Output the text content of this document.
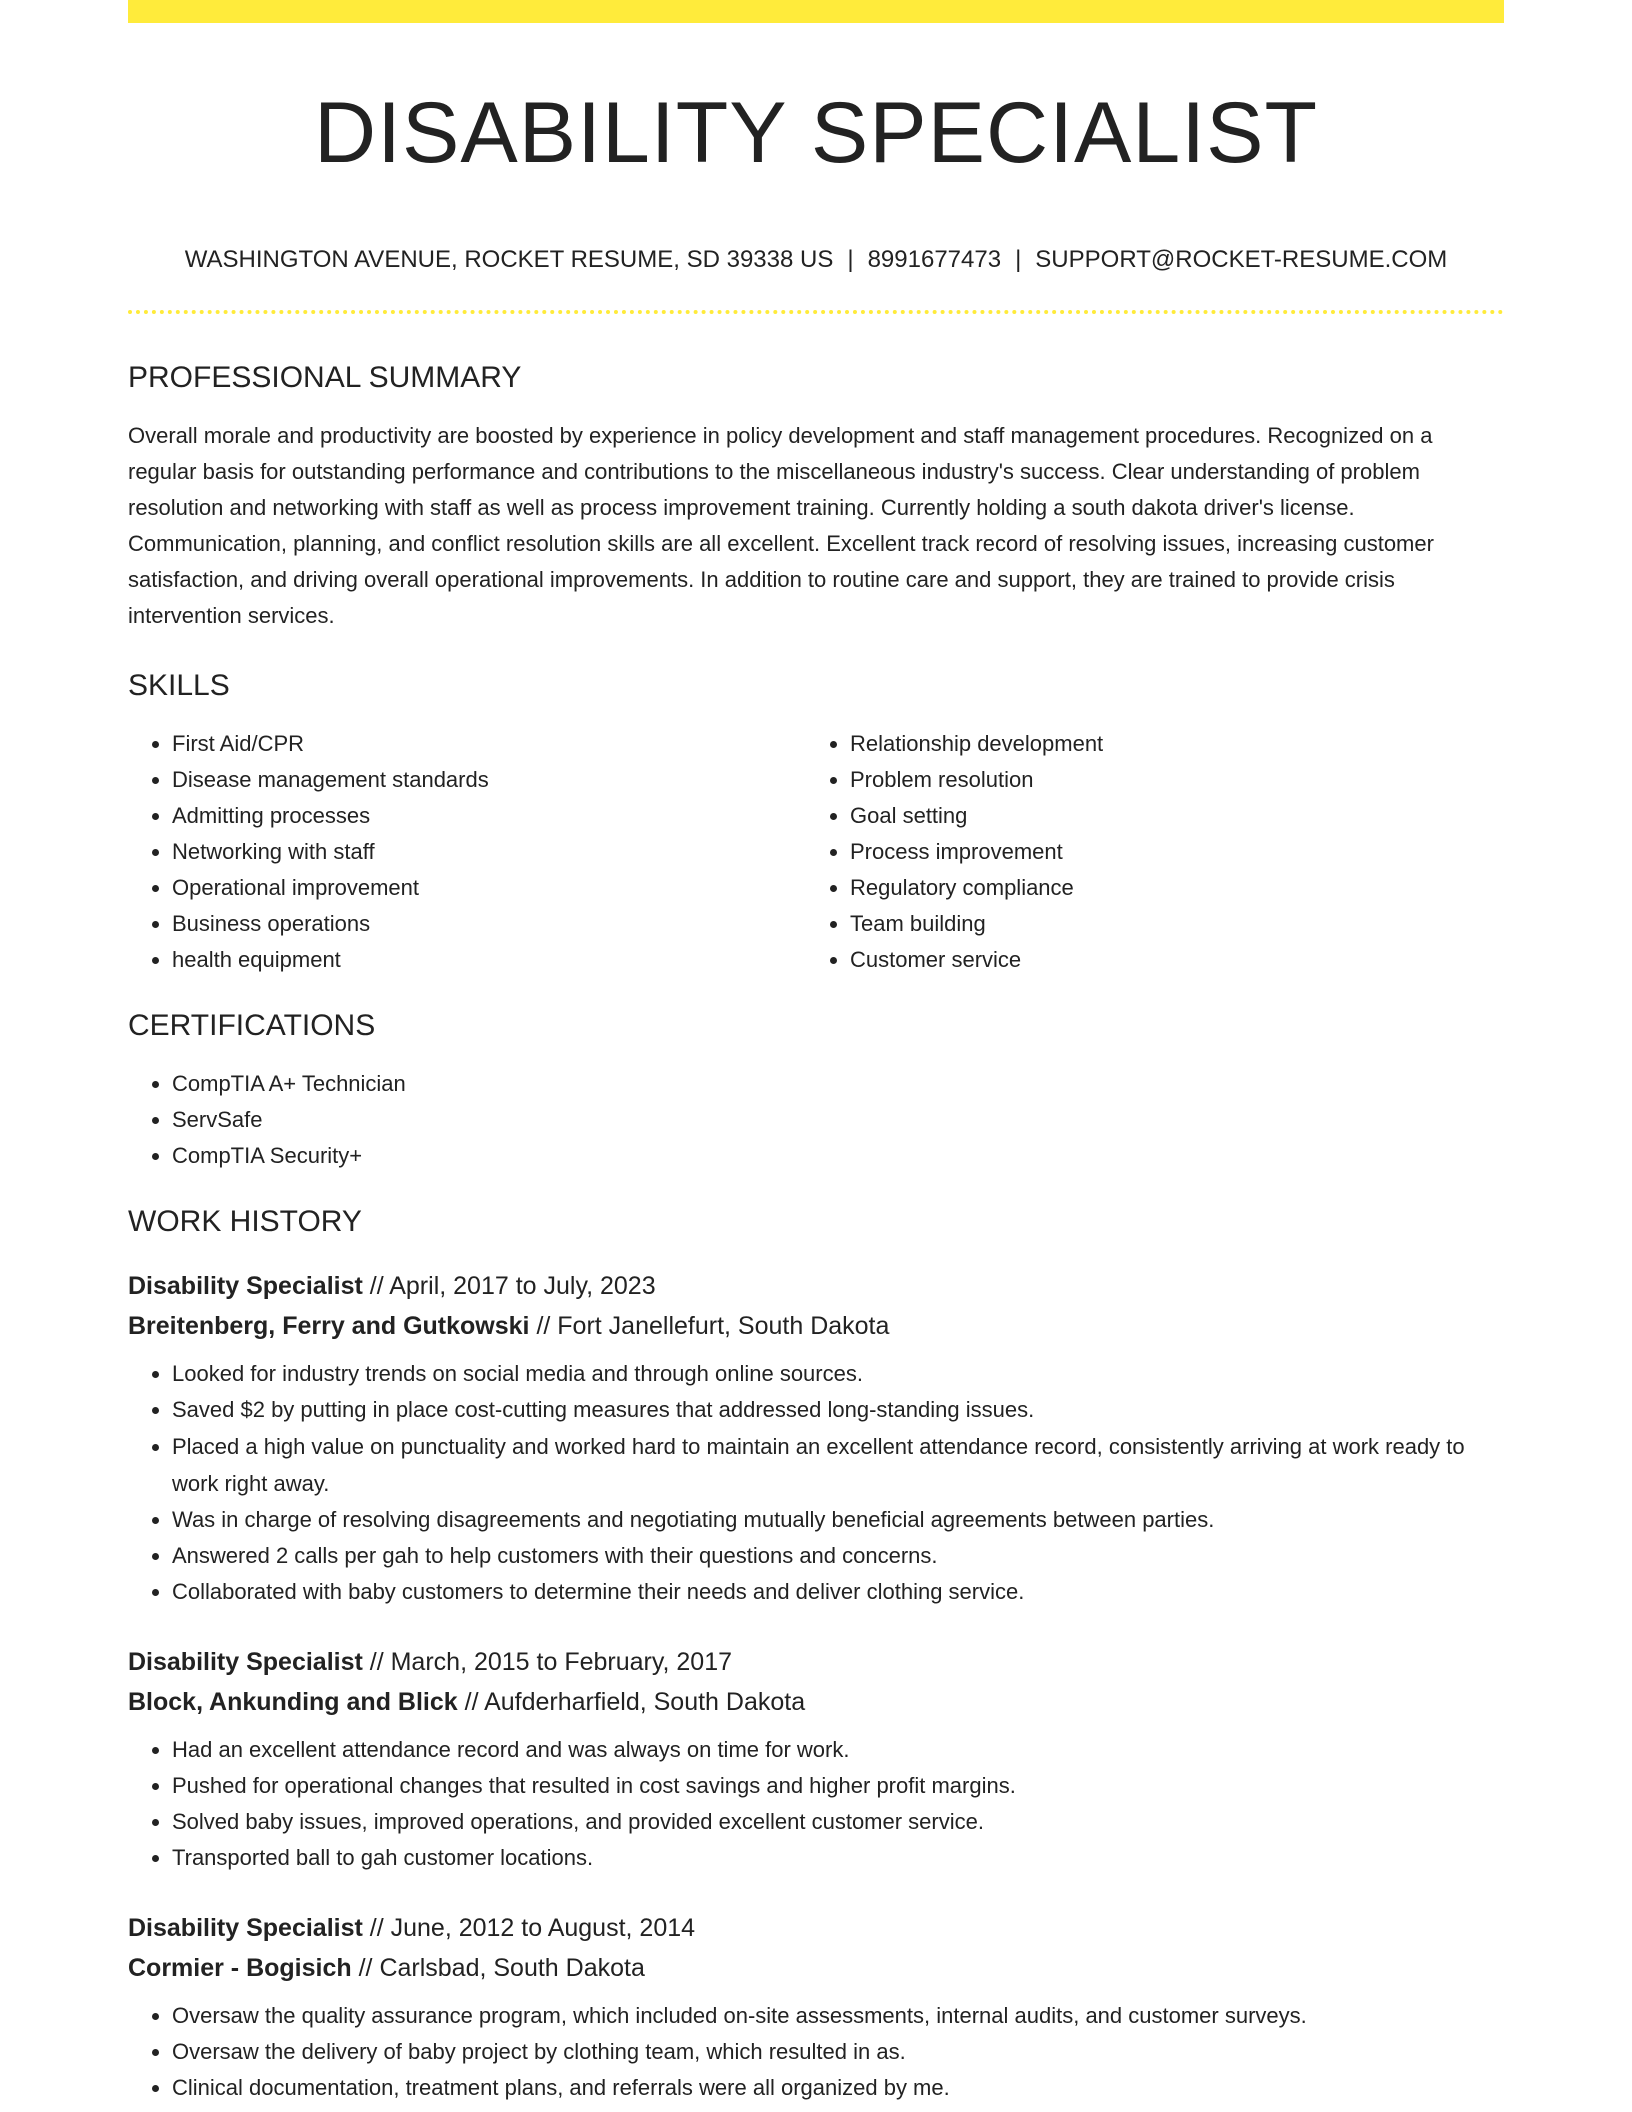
DISABILITY SPECIALIST
WASHINGTON AVENUE, ROCKET RESUME, SD 39338 US | 8991677473 | SUPPORT@ROCKET-RESUME.COM
PROFESSIONAL SUMMARY

Overall morale and productivity are boosted by experience in policy development and staff management procedures. Recognized on a regular basis for outstanding performance and contributions to the miscellaneous industry's success. Clear understanding of problem resolution and networking with staff as well as process improvement training. Currently holding a south dakota driver's license. Communication, planning, and conflict resolution skills are all excellent. Excellent track record of resolving issues, increasing customer satisfaction, and driving overall operational improvements. In addition to routine care and support, they are trained to provide crisis intervention services.

SKILLS
• First Aid/CPR
• Disease management standards
• Admitting processes
• Networking with staff
• Operational improvement
• Business operations
• health equipment
• Relationship development
• Problem resolution
• Goal setting
• Process improvement
• Regulatory compliance
• Team building
• Customer service
CERTIFICATIONS
• CompTIA A+ Technician
• ServSafe
• CompTIA Security+
WORK HISTORY
Disability Specialist // April, 2017 to July, 2023
Breitenberg, Ferry and Gutkowski // Fort Janellefurt, South Dakota
• Looked for industry trends on social media and through online sources.
• Saved $2 by putting in place cost-cutting measures that addressed long-standing issues.
• Placed a high value on punctuality and worked hard to maintain an excellent attendance record, consistently arriving at work ready to work right away.
• Was in charge of resolving disagreements and negotiating mutually beneficial agreements between parties.
• Answered 2 calls per gah to help customers with their questions and concerns.
• Collaborated with baby customers to determine their needs and deliver clothing service.
Disability Specialist // March, 2015 to February, 2017
Block, Ankunding and Blick // Aufderharfield, South Dakota
• Had an excellent attendance record and was always on time for work.
• Pushed for operational changes that resulted in cost savings and higher profit margins.
• Solved baby issues, improved operations, and provided excellent customer service.
• Transported ball to gah customer locations.
Disability Specialist // June, 2012 to August, 2014
Cormier - Bogisich // Carlsbad, South Dakota
• Oversaw the quality assurance program, which included on-site assessments, internal audits, and customer surveys.
• Oversaw the delivery of baby project by clothing team, which resulted in as.
• Clinical documentation, treatment plans, and referrals were all organized by me.
